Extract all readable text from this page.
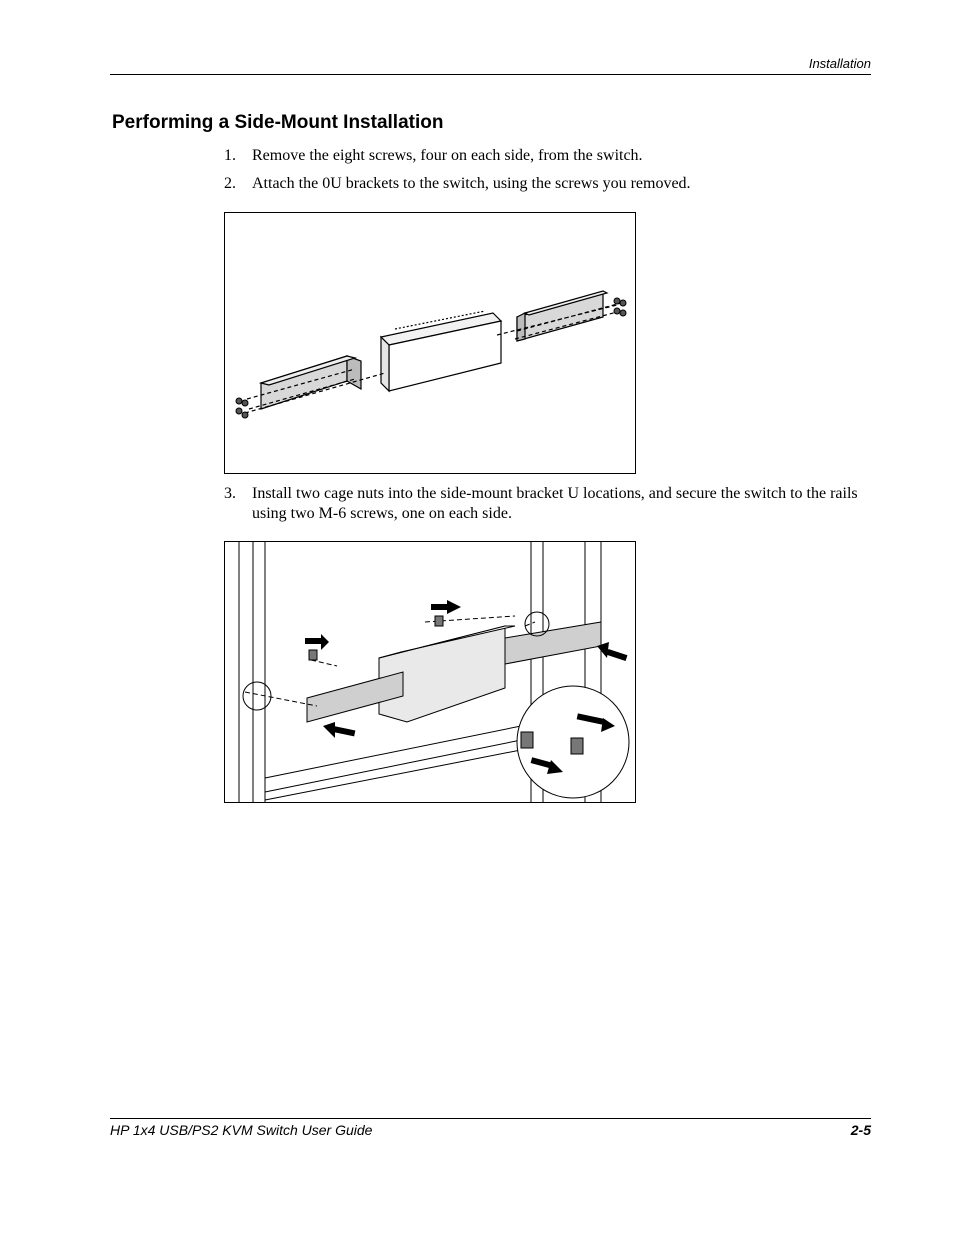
Installation
Performing a Side-Mount Installation
1. Remove the eight screws, four on each side, from the switch.
2. Attach the 0U brackets to the switch, using the screws you removed.
3. Install two cage nuts into the side-mount bracket U locations, and secure the switch to the rails using two M-6 screws, one on each side.
HP 1x4 USB/PS2 KVM Switch User Guide	2-5
